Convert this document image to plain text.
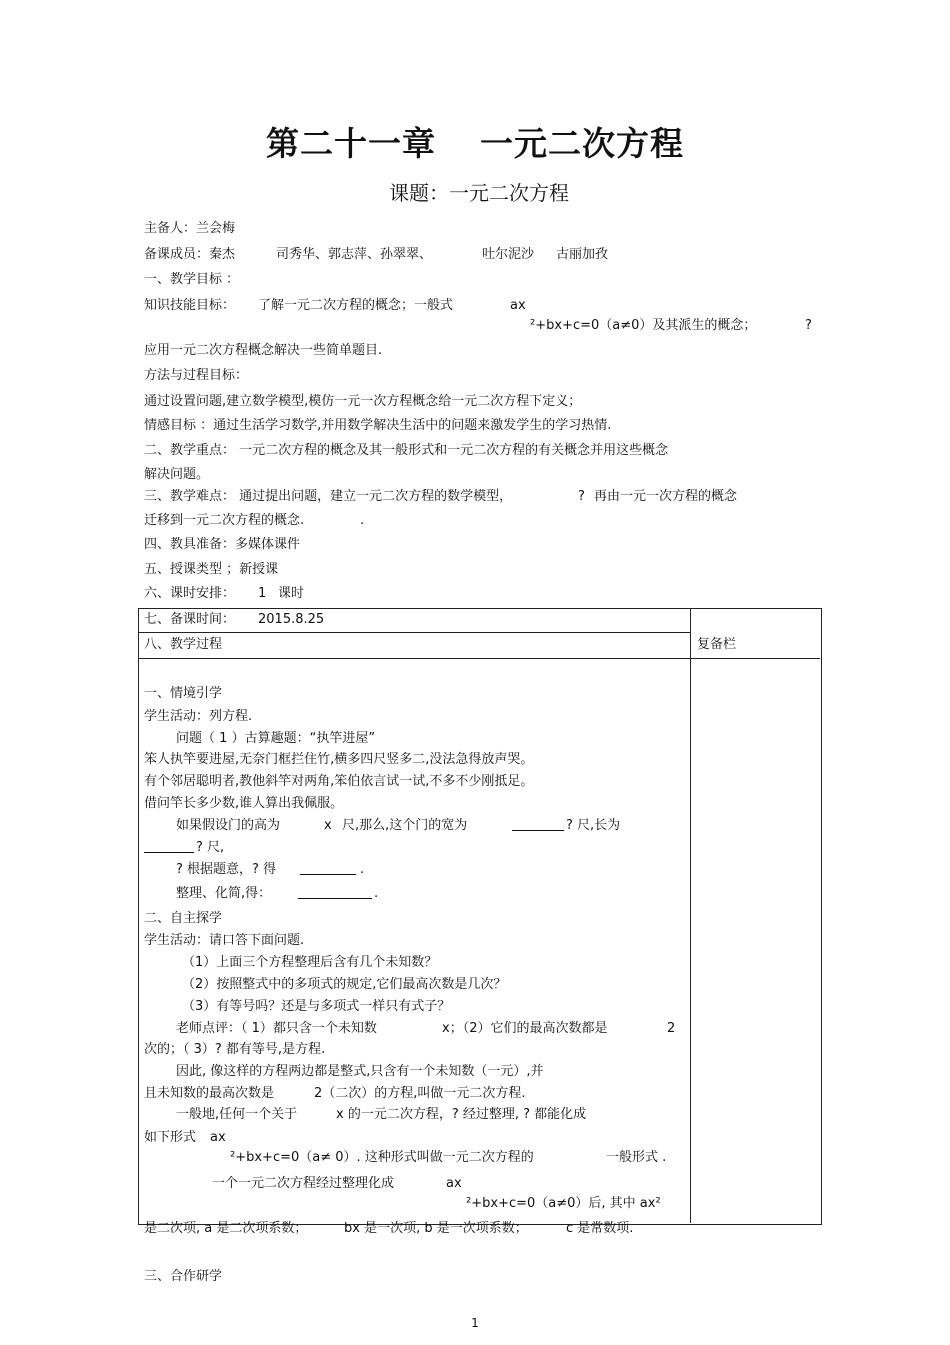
第二十一章 一元二次方程
课题：一元二次方程
主备人：兰会梅
备课成员：秦杰	司秀华、郭志萍、孙翠翠、	吐尔泥沙 古丽加孜
一、教学目标 ：
知识技能目标： 了解一元二次方程的概念；一般式	ax
²+bx+c=0（a≠0）及其派生的概念；	?
应用一元二次方程概念解决一些简单题目.
方法与过程目标：
通过设置问题,建立数学模型,模仿一元一次方程概念给一元二次方程下定义；
情感目标 ：通过生活学习数学,并用数学解决生活中的问题来激发学生的学习热情.
二、教学重点： 一元二次方程的概念及其一般形式和一元二次方程的有关概念并用这些概念
解决问题。
三、教学难点： 通过提出问题，建立一元二次方程的数学模型，	? 再由一元一次方程的概念
迁移到一元二次方程的概念.	.
四、教具准备：多媒体课件
五、授课类型 ；新授课
六、课时安排： 1 课时
七、备课时间： 2015.8.25
八、教学过程	复备栏
一、情境引学
学生活动：列方程.
问题（ 1 ）古算趣题：“执竿进屋”
笨人执竿要进屋,无奈门框拦住竹,横多四尺竖多二,没法急得放声哭。
有个邻居聪明者,教他斜竿对两角,笨伯依言试一试,不多不少刚抵足。
借问竿长多少数,谁人算出我佩服。
如果假设门的高为	x 尺,那么,这个门的宽为	? 尺,长为
? 尺,
? 根据题意，? 得	.
整理、化简,得：	.
二、自主探学
学生活动：请口答下面问题.
（1）上面三个方程整理后含有几个未知数？
（2）按照整式中的多项式的规定,它们最高次数是几次？
（3）有等号吗？还是与多项式一样只有式子？
老师点评：（ 1）都只含一个未知数	x；（2）它们的最高次数都是	2
次的；（ 3）? 都有等号,是方程.
因此, 像这样的方程两边都是整式,只含有一个未知数（一元）,并
且未知数的最高次数是	2（二次）的方程,叫做一元二次方程.
一般地,任何一个关于	x 的一元二次方程，? 经过整理, ? 都能化成
如下形式 ax
²+bx+c=0（a≠ 0）. 这种形式叫做一元二次方程的	一般形式 .
一个一元二次方程经过整理化成	ax
²+bx+c=0（a≠0）后, 其中 ax²
是二次项, a 是二次项系数；	bx 是一次项, b 是一次项系数；	c 是常数项.
三、合作研学
1
